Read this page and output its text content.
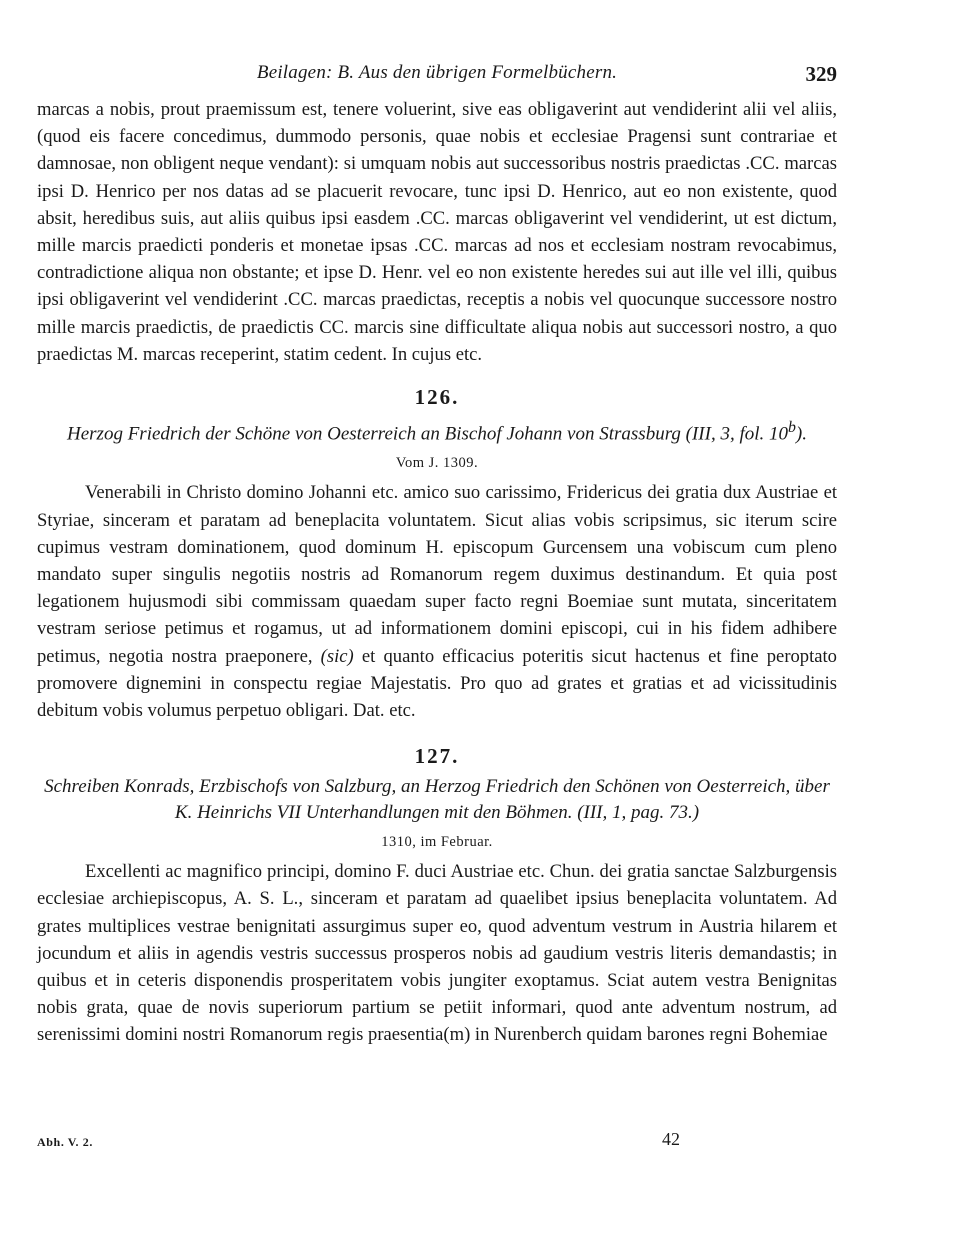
Beilagen: B. Aus den übrigen Formelbüchern.	329

marcas a nobis, prout praemissum est, tenere voluerint, sive eas obligaverint aut vendiderint alii vel aliis, (quod eis facere concedimus, dummodo personis, quae nobis et ecclesiae Pragensi sunt contrariae et damnosae, non obligent neque vendant): si umquam nobis aut successoribus nostris praedictas .CC. marcas ipsi D. Henrico per nos datas ad se placuerit revocare, tunc ipsi D. Henrico, aut eo non existente, quod absit, heredibus suis, aut aliis quibus ipsi easdem .CC. marcas obligaverint vel vendiderint, ut est dictum, mille marcis praedicti ponderis et monetae ipsas .CC. marcas ad nos et ecclesiam nostram revocabimus, contradictione aliqua non obstante; et ipse D. Henr. vel eo non existente heredes sui aut ille vel illi, quibus ipsi obligaverint vel vendiderint .CC. marcas praedictas, receptis a nobis vel quocunque successore nostro mille marcis praedictis, de praedictis CC. marcis sine difficultate aliqua nobis aut successori nostro, a quo praedictas M. marcas receperint, statim cedent. In cujus etc.

126.
Herzog Friedrich der Schöne von Oesterreich an Bischof Johann von Strassburg (III, 3, fol. 10$^b$).
Vom J. 1309.

Venerabili in Christo domino Johanni etc. amico suo carissimo, Fridericus dei gratia dux Austriae et Styriae, sinceram et paratam ad beneplacita voluntatem. Sicut alias vobis scripsimus, sic iterum scire cupimus vestram dominationem, quod dominum H. episcopum Gurcensem una vobiscum cum pleno mandato super singulis negotiis nostris ad Romanorum regem duximus destinandum. Et quia post legationem hujusmodi sibi commissam quaedam super facto regni Boemiae sunt mutata, sinceritatem vestram seriose petimus et rogamus, ut ad informationem domini episcopi, cui in his fidem adhibere petimus, negotia nostra praeponere, (sic) et quanto efficacius poteritis sicut hactenus et fine peroptato promovere dignemini in conspectu regiae Majestatis. Pro quo ad grates et gratias et ad vicissitudinis debitum vobis volumus perpetuo obligari. Dat. etc.

127.
Schreiben Konrads, Erzbischofs von Salzburg, an Herzog Friedrich den Schönen von Oesterreich, über K. Heinrichs VII Unterhandlungen mit den Böhmen. (III, 1, pag. 73.)
1310, im Februar.

Excellenti ac magnifico principi, domino F. duci Austriae etc. Chun. dei gratia sanctae Salzburgensis ecclesiae archiepiscopus, A. S. L., sinceram et paratam ad quaelibet ipsius beneplacita voluntatem. Ad grates multiplices vestrae benignitati assurgimus super eo, quod adventum vestrum in Austria hilarem et jocundum et aliis in agendis vestris successus prosperos nobis ad gaudium vestris literis demandastis; in quibus et in ceteris disponendis prosperitatem vobis jungiter exoptamus. Sciat autem vestra Benignitas nobis grata, quae de novis superiorum partium se petiit informari, quod ante adventum nostrum, ad serenissimi domini nostri Romanorum regis praesentia(m) in Nurenberch quidam barones regni Bohemiae

Abh. V. 2.	42
